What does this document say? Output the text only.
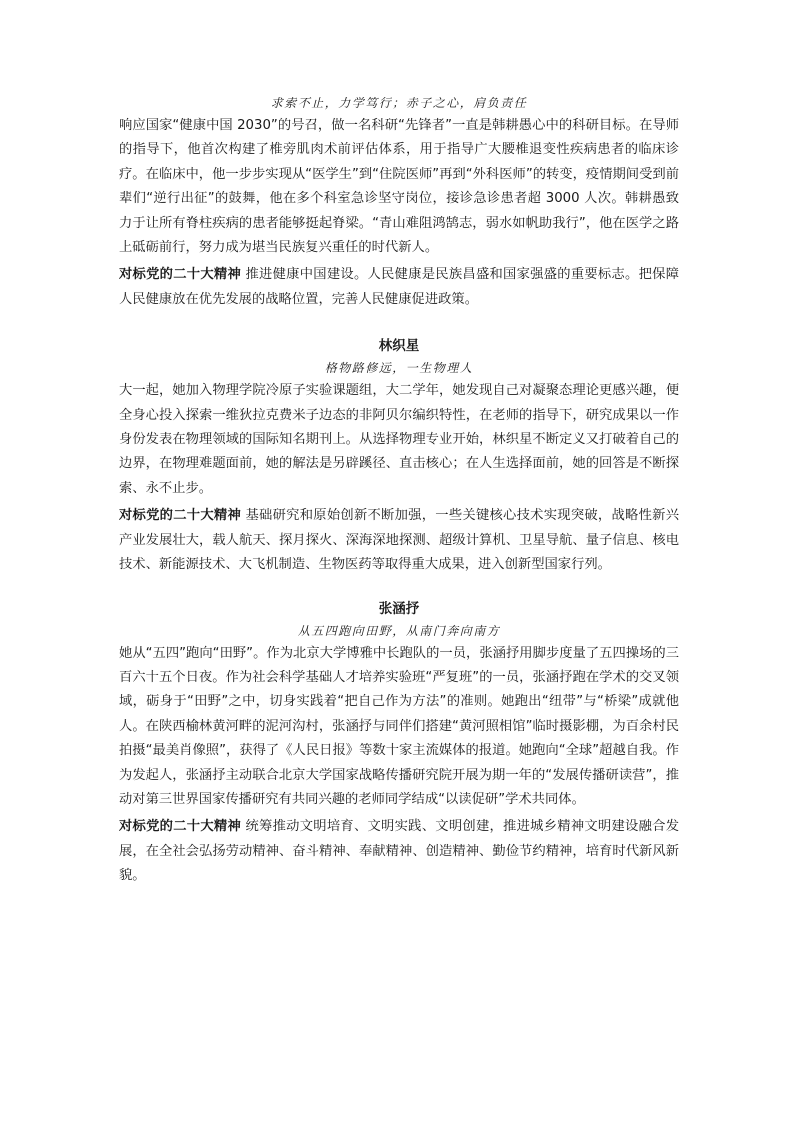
求索不止，力学笃行；赤子之心，肩负责任

响应国家“健康中国 2030”的号召，做一名科研“先锋者”一直是韩耕愚心中的科研目标。在导师的指导下，他首次构建了椎旁肌肉术前评估体系，用于指导广大腰椎退变性疾病患者的临床诊疗。在临床中，他一步步实现从“医学生”到“住院医师”再到“外科医师”的转变，疫情期间受到前辈们“逆行出征”的鼓舞，他在多个科室急诊坚守岗位，接诊急诊患者超 3000 人次。韩耕愚致力于让所有脊柱疾病的患者能够挺起脊梁。“青山难阻鸿鹄志，弱水如帆助我行”，他在医学之路上砥砺前行，努力成为堪当民族复兴重任的时代新人。

对标党的二十大精神 推进健康中国建设。人民健康是民族昌盛和国家强盛的重要标志。把保障人民健康放在优先发展的战略位置，完善人民健康促进政策。

林织星
格物路修远，一生物理人

大一起，她加入物理学院冷原子实验课题组，大二学年，她发现自己对凝聚态理论更感兴趣，便全身心投入探索一维狄拉克费米子边态的非阿贝尔编织特性，在老师的指导下，研究成果以一作身份发表在物理领域的国际知名期刊上。从选择物理专业开始，林织星不断定义又打破着自己的边界，在物理难题面前，她的解法是另辟蹊径、直击核心；在人生选择面前，她的回答是不断探索、永不止步。

对标党的二十大精神 基础研究和原始创新不断加强，一些关键核心技术实现突破，战略性新兴产业发展壮大，载人航天、探月探火、深海深地探测、超级计算机、卫星导航、量子信息、核电技术、新能源技术、大飞机制造、生物医药等取得重大成果，进入创新型国家行列。

张涵抒
从五四跑向田野，从南门奔向南方

她从“五四”跑向“田野”。作为北京大学博雅中长跑队的一员，张涵抒用脚步度量了五四操场的三百六十五个日夜。作为社会科学基础人才培养实验班“严复班”的一员，张涵抒跑在学术的交叉领域，砺身于“田野”之中，切身实践着“把自己作为方法”的准则。她跑出“纽带”与“桥梁”成就他人。在陕西榆林黄河畔的泥河沟村，张涵抒与同伴们搭建“黄河照相馆”临时摄影棚，为百余村民拍摄“最美肖像照”，获得了《人民日报》等数十家主流媒体的报道。她跑向“全球”超越自我。作为发起人，张涵抒主动联合北京大学国家战略传播研究院开展为期一年的“发展传播研读营”，推动对第三世界国家传播研究有共同兴趣的老师同学结成“以读促研”学术共同体。

对标党的二十大精神 统筹推动文明培育、文明实践、文明创建，推进城乡精神文明建设融合发展，在全社会弘扬劳动精神、奋斗精神、奉献精神、创造精神、勤俭节约精神，培育时代新风新貌。
